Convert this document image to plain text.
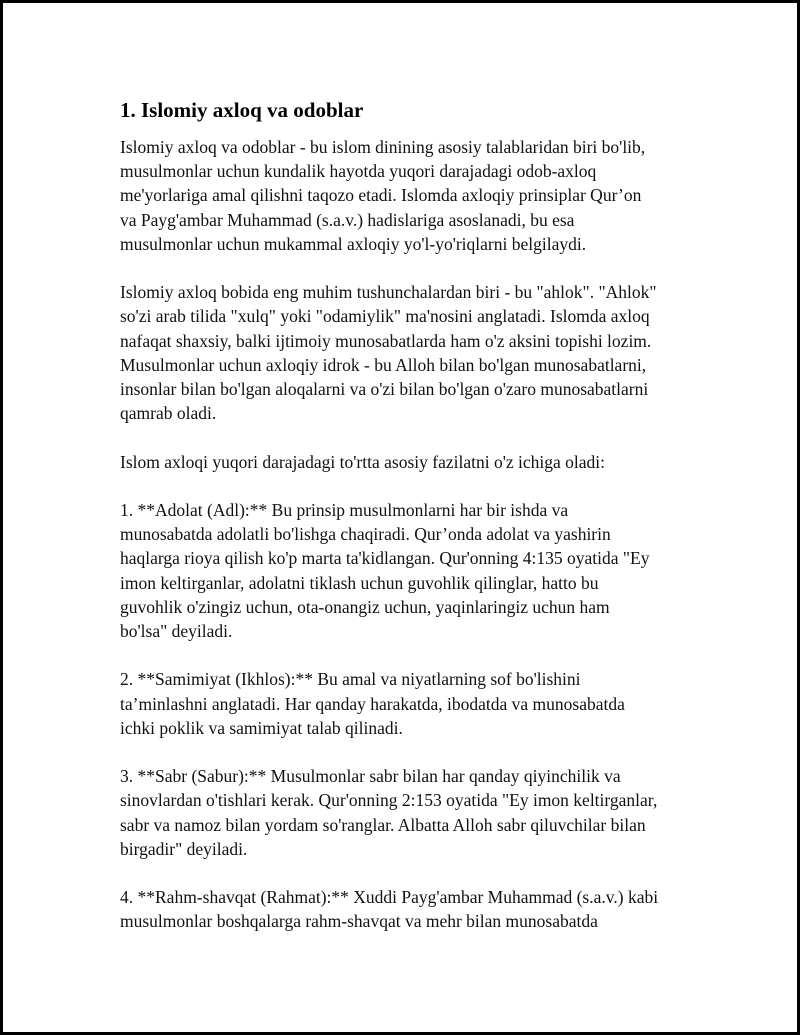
1. Islomiy axloq va odoblar

Islomiy axloq va odoblar - bu islom dinining asosiy talablaridan biri bo'lib,
musulmonlar uchun kundalik hayotda yuqori darajadagi odob-axloq
me'yorlariga amal qilishni taqozo etadi. Islomda axloqiy prinsiplar Qur’on
va Payg'ambar Muhammad (s.a.v.) hadislariga asoslanadi, bu esa
musulmonlar uchun mukammal axloqiy yo'l-yo'riqlarni belgilaydi.

Islomiy axloq bobida eng muhim tushunchalardan biri - bu "ahlok". "Ahlok"
so'zi arab tilida "xulq" yoki "odamiylik" ma'nosini anglatadi. Islomda axloq
nafaqat shaxsiy, balki ijtimoiy munosabatlarda ham o'z aksini topishi lozim.
Musulmonlar uchun axloqiy idrok - bu Alloh bilan bo'lgan munosabatlarni,
insonlar bilan bo'lgan aloqalarni va o'zi bilan bo'lgan o'zaro munosabatlarni
qamrab oladi.

Islom axloqi yuqori darajadagi to'rtta asosiy fazilatni o'z ichiga oladi:

1. **Adolat (Adl):** Bu prinsip musulmonlarni har bir ishda va
munosabatda adolatli bo'lishga chaqiradi. Qur’onda adolat va yashirin
haqlarga rioya qilish ko'p marta ta'kidlangan. Qur'onning 4:135 oyatida "Ey
imon keltirganlar, adolatni tiklash uchun guvohlik qilinglar, hatto bu
guvohlik o'zingiz uchun, ota-onangiz uchun, yaqinlaringiz uchun ham
bo'lsa" deyiladi.

2. **Samimiyat (Ikhlos):** Bu amal va niyatlarning sof bo'lishini
ta’minlashni anglatadi. Har qanday harakatda, ibodatda va munosabatda
ichki poklik va samimiyat talab qilinadi.

3. **Sabr (Sabur):** Musulmonlar sabr bilan har qanday qiyinchilik va
sinovlardan o'tishlari kerak. Qur'onning 2:153 oyatida "Ey imon keltirganlar,
sabr va namoz bilan yordam so'ranglar. Albatta Alloh sabr qiluvchilar bilan
birgadir" deyiladi.

4. **Rahm-shavqat (Rahmat):** Xuddi Payg'ambar Muhammad (s.a.v.) kabi
musulmonlar boshqalarga rahm-shavqat va mehr bilan munosabatda
